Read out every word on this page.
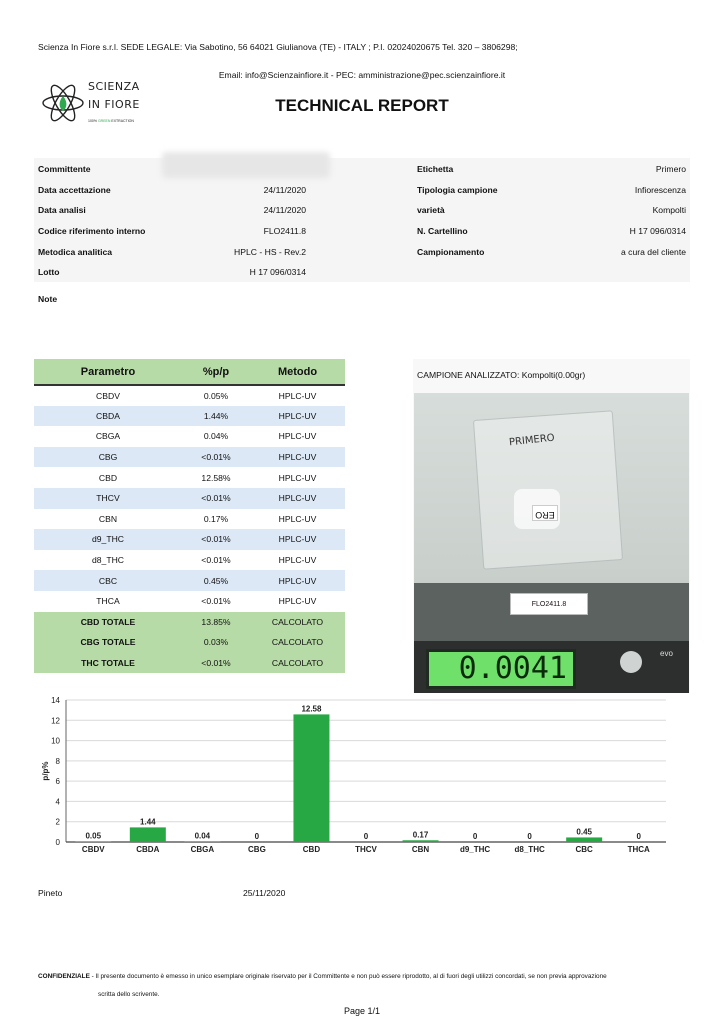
Scienza In Fiore s.r.l. SEDE LEGALE: Via Sabotino, 56 64021 Giulianova (TE) - ITALY ; P.I. 02024020675 Tel. 320 – 3806298;
Email: info@Scienzainfiore.it - PEC: amministrazione@pec.scienzainfiore.it
SCIENZA
IN FIORE
100% GREEN EXTRACTION
TECHNICAL REPORT
Committente
Data accettazione	24/11/2020
Data analisi	24/11/2020
Codice riferimento interno	FLO2411.8
Metodica analitica	HPLC - HS - Rev.2
Lotto	H 17 096/0314
Etichetta	Primero
Tipologia campione	Infiorescenza
varietà	Kompolti
N. Cartellino	H 17 096/0314
Campionamento	a cura del cliente
Note
Parametro	%p/p	Metodo
CBDV	0.05%	HPLC-UV
CBDA	1.44%	HPLC-UV
CBGA	0.04%	HPLC-UV
CBG	<0.01%	HPLC-UV
CBD	12.58%	HPLC-UV
THCV	<0.01%	HPLC-UV
CBN	0.17%	HPLC-UV
d9_THC	<0.01%	HPLC-UV
d8_THC	<0.01%	HPLC-UV
CBC	0.45%	HPLC-UV
THCA	<0.01%	HPLC-UV
CBD TOTALE	13.85%	CALCOLATO
CBG TOTALE	0.03%	CALCOLATO
THC TOTALE	<0.01%	CALCOLATO
CAMPIONE ANALIZZATO: Kompolti(0.00gr)
PRIMERO
ERO
FLO2411.8
0.0041	evo
0
2
4
6
8
10
12
14
p/p%
0.05
CBDV
1.44
CBDA
0.04
CBGA
0
CBG
12.58
CBD
0
THCV
0.17
CBN
0
d9_THC
0
d8_THC
0.45
CBC
0
THCA
Pineto	25/11/2020
CONFIDENZIALE - Il presente documento è emesso in unico esemplare originale riservato per il Committente e non può essere riprodotto, al di fuori degli utilizzi concordati, se non previa approvazione
scritta dello scrivente.
Page 1/1
